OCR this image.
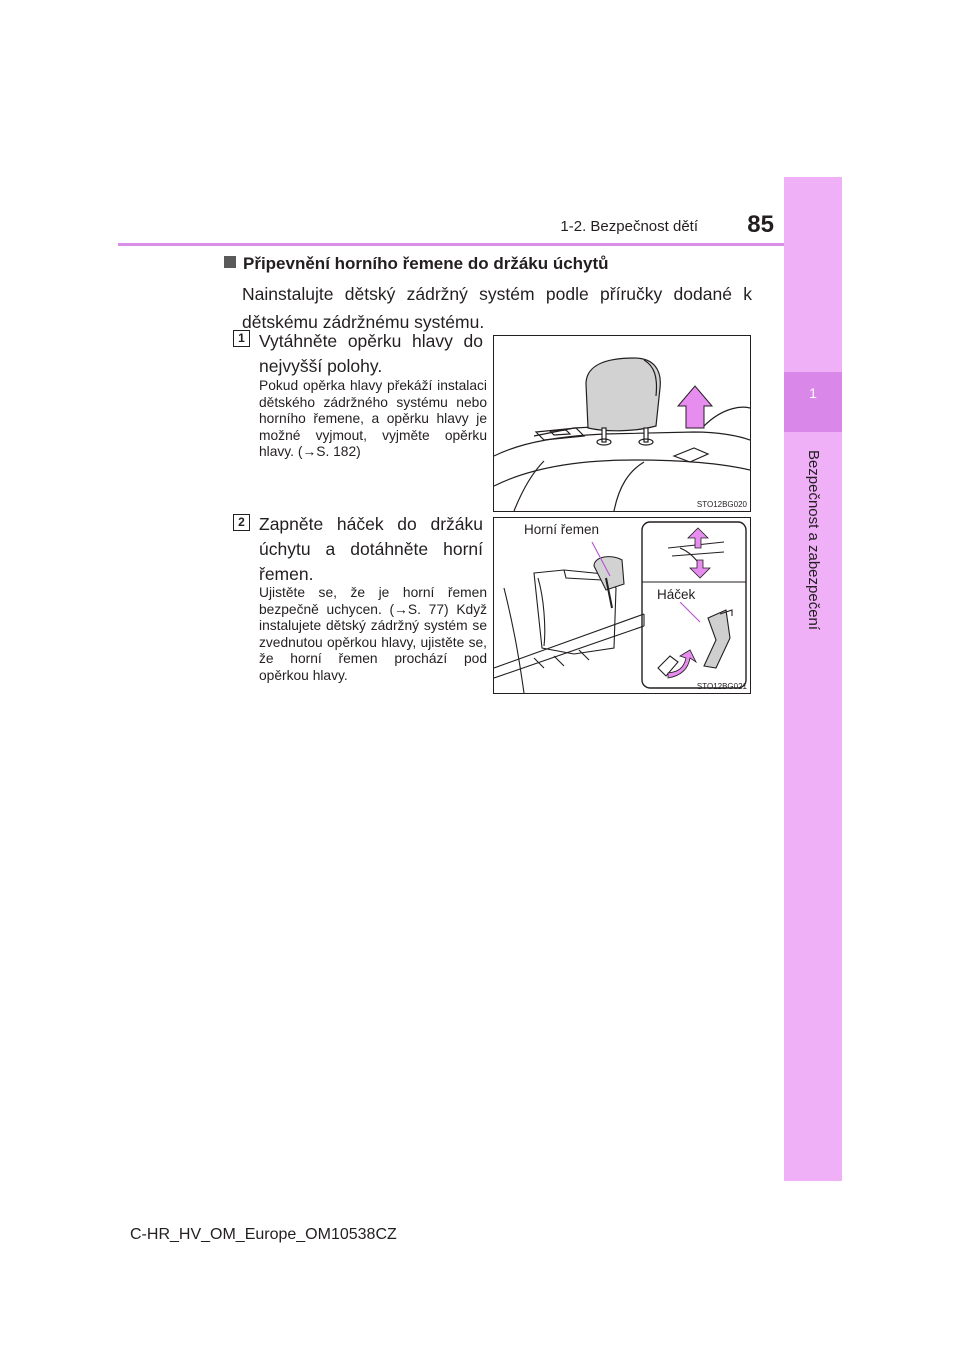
1-2. Bezpečnost dětí	85
1
Bezpečnost a zabezpečení
Připevnění horního řemene do držáku úchytů
Nainstalujte dětský zádržný systém podle příručky dodané k dětskému zádržnému systému.
1 Vytáhněte opěrku hlavy do nejvyšší polohy.
Pokud opěrka hlavy překáží instalaci dětského zádržného systému nebo horního řemene, a opěrku hlavy je možné vyjmout, vyjměte opěrku hlavy. (→S. 182)
STO12BG020
2 Zapněte háček do držáku úchytu a dotáhněte horní řemen.
Ujistěte se, že je horní řemen bezpečně uchycen. (→S. 77) Když instalujete dětský zádržný systém se zvednutou opěrkou hlavy, ujistěte se, že horní řemen prochází pod opěrkou hlavy.
Horní řemen
Háček
STO12BG021
C-HR_HV_OM_Europe_OM10538CZ
